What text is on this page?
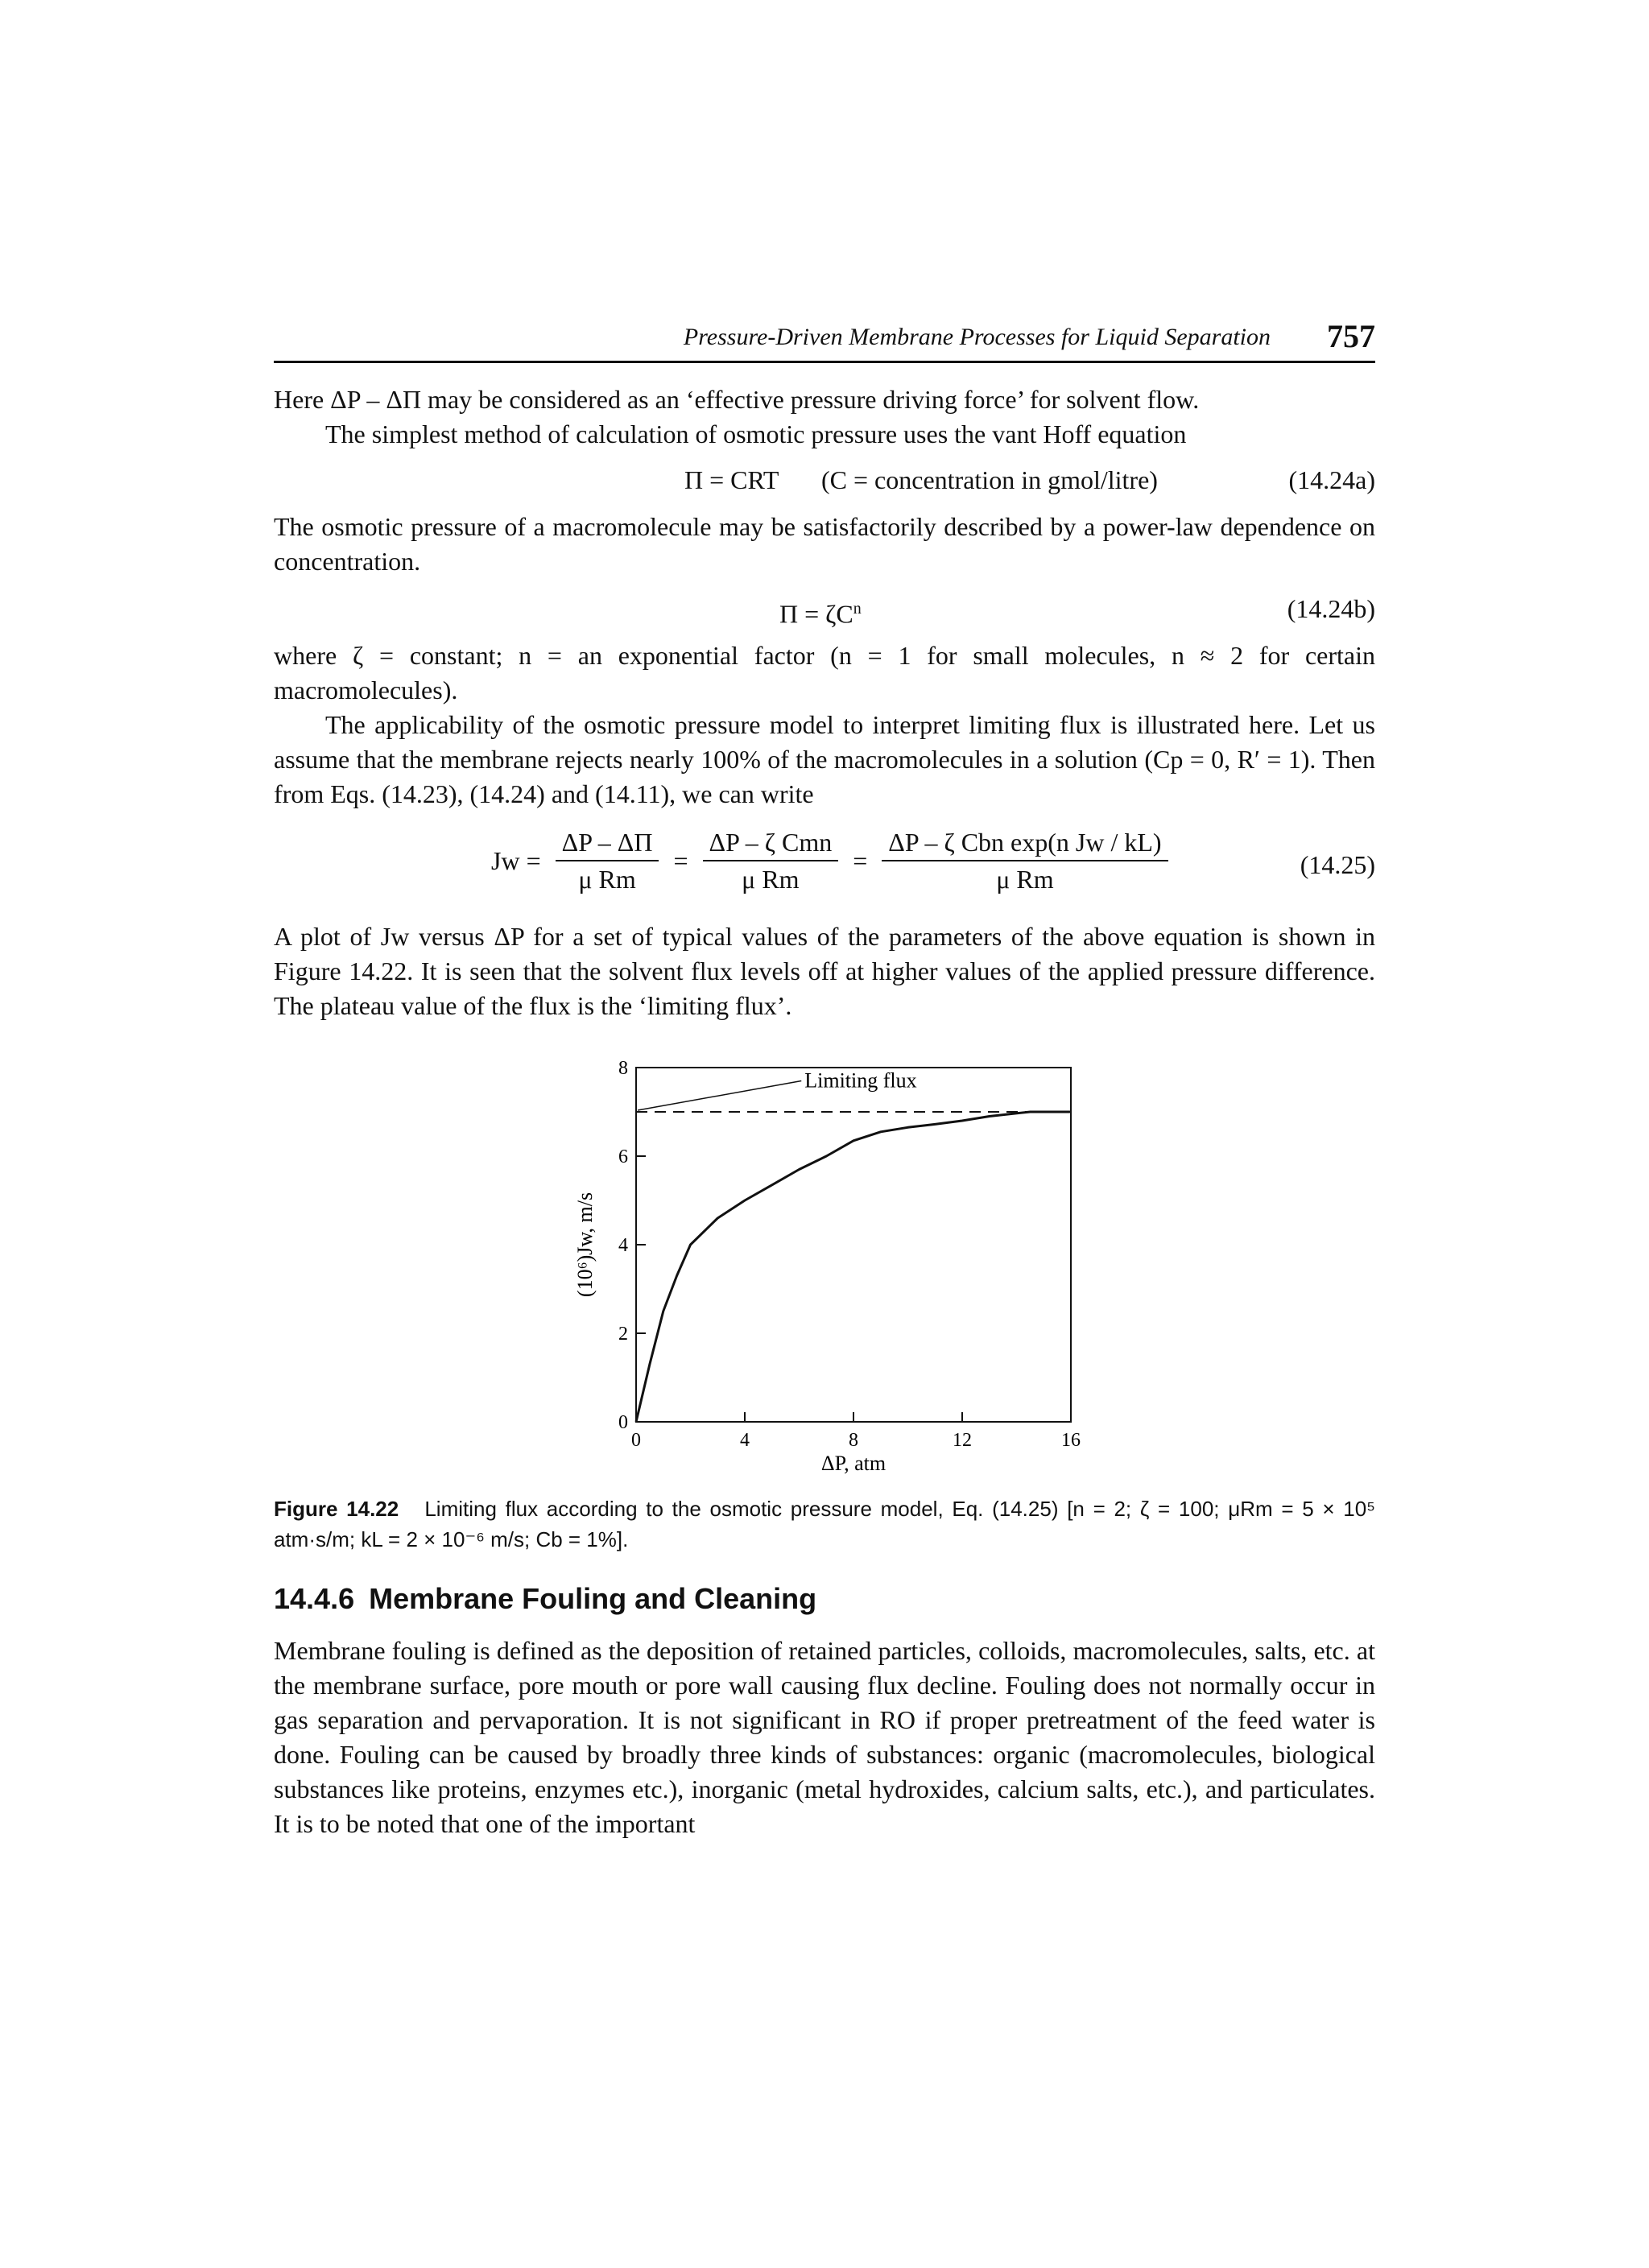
Pressure-Driven Membrane Processes for Liquid Separation 757

Here ΔP – ΔΠ may be considered as an ‘effective pressure driving force’ for solvent flow.

The simplest method of calculation of osmotic pressure uses the vant Hoff equation

Π = CRT (C = concentration in gmol/litre)	(14.24a)

The osmotic pressure of a macromolecule may be satisfactorily described by a power-law dependence on concentration.

$\Pi = \zeta C^n$	(14.24b)

where ζ = constant; n = an exponential factor (n = 1 for small molecules, n ≈ 2 for certain macromolecules).

The applicability of the osmotic pressure model to interpret limiting flux is illustrated here. Let us assume that the membrane rejects nearly 100% of the macromolecules in a solution (Cp = 0, R′ = 1). Then from Eqs. (14.23), (14.24) and (14.11), we can write

$Jw = \frac{\Delta P - \Delta\Pi}{\text{μ Rm}} = \frac{\text{ΔP – ζ Cmn}}{\text{μ Rm}} = \frac{\text{ΔP – ζ Cbn exp(n Jw / kL)}}{\text{μ Rm}}$	(14.25)

A plot of Jw versus ΔP for a set of typical values of the parameters of the above equation is shown in Figure 14.22. It is seen that the solvent flux levels off at higher values of the applied pressure difference. The plateau value of the flux is the ‘limiting flux’.

0	4	8	12	16
0
2
4
6
8
ΔP, atm
(10⁶)Jw, m/s
Limiting flux
Figure 14.22 Limiting flux according to the osmotic pressure model, Eq. (14.25) [n = 2; ζ = 100; μRm = 5 × 10⁵ atm·s/m; kL = 2 × 10⁻⁶ m/s; Cb = 1%].
14.4.6 Membrane Fouling and Cleaning

Membrane fouling is defined as the deposition of retained particles, colloids, macromolecules, salts, etc. at the membrane surface, pore mouth or pore wall causing flux decline. Fouling does not normally occur in gas separation and pervaporation. It is not significant in RO if proper pretreatment of the feed water is done. Fouling can be caused by broadly three kinds of substances: organic (macromolecules, biological substances like proteins, enzymes etc.), inorganic (metal hydroxides, calcium salts, etc.), and particulates. It is to be noted that one of the important
